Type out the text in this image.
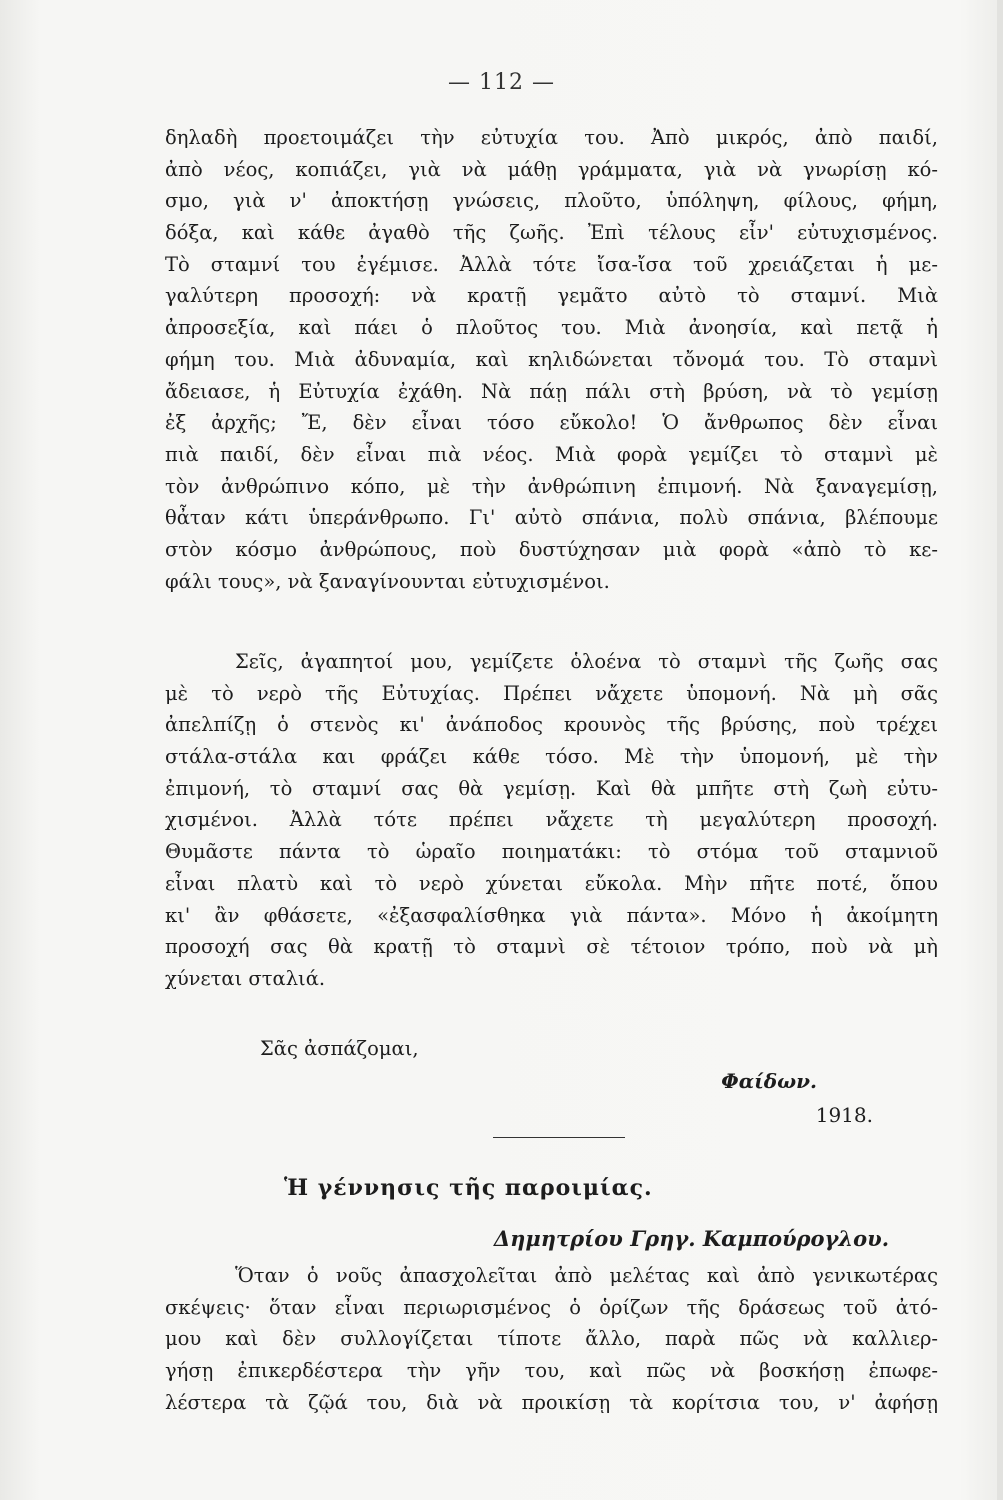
— 112 —
δηλαδὴ προετοιμάζει τὴν εὐτυχία του. Ἀπὸ μικρός, ἀπὸ παιδί,
ἀπὸ νέος, κοπιάζει, γιὰ νὰ μάθῃ γράμματα, γιὰ νὰ γνωρίσῃ κό-
σμο, γιὰ ν' ἀποκτήσῃ γνώσεις, πλοῦτο, ὑπόληψη, φίλους, φήμη,
δόξα, καὶ κάθε ἀγαθὸ τῆς ζωῆς. Ἐπὶ τέλους εἶν' εὐτυχισμένος.
Τὸ σταμνί του ἐγέμισε. Ἀλλὰ τότε ἴσα-ἴσα τοῦ χρειάζεται ἡ με-
γαλύτερη προσοχή: νὰ κρατῇ γεμᾶτο αὐτὸ τὸ σταμνί. Μιὰ
ἀπροσεξία, καὶ πάει ὁ πλοῦτος του. Μιὰ ἀνοησία, καὶ πετᾷ ἡ
φήμη του. Μιὰ ἀδυναμία, καὶ κηλιδώνεται τὄνομά του. Τὸ σταμνὶ
ἄδειασε, ἡ Εὐτυχία ἐχάθη. Νὰ πάῃ πάλι στὴ βρύση, νὰ τὸ γεμίσῃ
ἐξ ἀρχῆς; Ἔ, δὲν εἶναι τόσο εὔκολο! Ὁ ἄνθρωπος δὲν εἶναι
πιὰ παιδί, δὲν εἶναι πιὰ νέος. Μιὰ φορὰ γεμίζει τὸ σταμνὶ μὲ
τὸν ἀνθρώπινο κόπο, μὲ τὴν ἀνθρώπινη ἐπιμονή. Νὰ ξαναγεμίσῃ,
θἆταν κάτι ὑπεράνθρωπο. Γι' αὐτὸ σπάνια, πολὺ σπάνια, βλέπουμε
στὸν κόσμο ἀνθρώπους, ποὺ δυστύχησαν μιὰ φορὰ «ἀπὸ τὸ κε-
φάλι τους», νὰ ξαναγίνουνται εὐτυχισμένοι.
Σεῖς, ἀγαπητοί μου, γεμίζετε ὁλοένα τὸ σταμνὶ τῆς ζωῆς σας
μὲ τὸ νερὸ τῆς Εὐτυχίας. Πρέπει νἄχετε ὑπομονή. Νὰ μὴ σᾶς
ἀπελπίζῃ ὁ στενὸς κι' ἀνάποδος κρουνὸς τῆς βρύσης, ποὺ τρέχει
στάλα-στάλα και φράζει κάθε τόσο. Μὲ τὴν ὑπομονή, μὲ τὴν
ἐπιμονή, τὸ σταμνί σας θὰ γεμίσῃ. Καὶ θὰ μπῆτε στὴ ζωὴ εὐτυ-
χισμένοι. Ἀλλὰ τότε πρέπει νἄχετε τὴ μεγαλύτερη προσοχή.
Θυμᾶστε πάντα τὸ ὡραῖο ποιηματάκι: τὸ στόμα τοῦ σταμνιοῦ
εἶναι πλατὺ καὶ τὸ νερὸ χύνεται εὔκολα. Μὴν πῆτε ποτέ, ὅπου
κι' ἂν φθάσετε, «ἐξασφαλίσθηκα γιὰ πάντα». Μόνο ἡ ἀκοίμητη
προσοχή σας θὰ κρατῇ τὸ σταμνὶ σὲ τέτοιον τρόπο, ποὺ νὰ μὴ
χύνεται σταλιά.
Σᾶς ἀσπάζομαι,
Φαίδων.
1918.
Ἡ γέννησις τῆς παροιμίας.
Δημητρίου Γρηγ. Καμπούρογλου.
Ὅταν ὁ νοῦς ἀπασχολεῖται ἀπὸ μελέτας καὶ ἀπὸ γενικωτέρας
σκέψεις· ὅταν εἶναι περιωρισμένος ὁ ὁρίζων τῆς δράσεως τοῦ ἀτό-
μου καὶ δὲν συλλογίζεται τίποτε ἄλλο, παρὰ πῶς νὰ καλλιερ-
γήσῃ ἐπικερδέστερα τὴν γῆν του, καὶ πῶς νὰ βοσκήσῃ ἐπωφε-
λέστερα τὰ ζῷά του, διὰ νὰ προικίσῃ τὰ κορίτσια του, ν' ἀφήσῃ
